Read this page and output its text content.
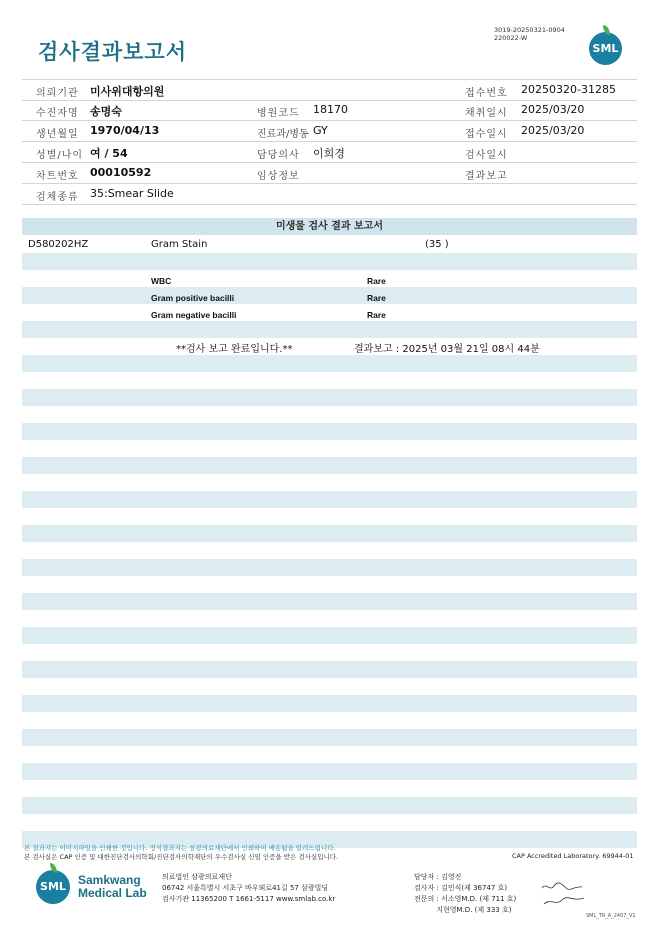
검사결과보고서
3019-20250321-0904
220022-W
SML
의뢰기관 미사위대항의원	접수번호 20250320-31285
수진자명 송명숙	병원코드 18170	채취일시 2025/03/20
생년월일 1970/04/13	진료과/병동 GY	접수일시 2025/03/20
성별/나이 여 / 54	담당의사 이희경	검사일시
차트번호 00010592	임상정보	결과보고
검체종류 35:Smear Slide
미생물 검사 결과 보고서
D580202HZ	Gram Stain	(35 )
WBC	Rare
Gram positive bacilli	Rare
Gram negative bacilli	Rare
**검사 보고 완료입니다.**	결과보고 : 2025년 03월 21일 08시 44분
본 결과지는 이미지파일을 인쇄한 것입니다. 정식결과지는 삼광의료재단에서 인쇄하여 배송됨을 알려드립니다.
본 검사실은 CAP 인증 및 대한진단검사의학회/진단검사의학재단의 우수검사실 신임 인증을 받은 검사실입니다.	CAP Accredited Laboratory. 69944-01
SML	Samkwang
Medical Lab
의료법인 삼광의료재단
06742 서울특별시 서초구 바우뫼로41길 57 삼광빌딩
검사기관 11365200 T 1661-5117 www.smlab.co.kr
담당자 : 김영진
검사자 : 김민식(제 36747 호)
전문의 : 서소영M.D. (제 711 호)
지현영M.D. (제 333 호)
SML_TR_A_2407_V1
